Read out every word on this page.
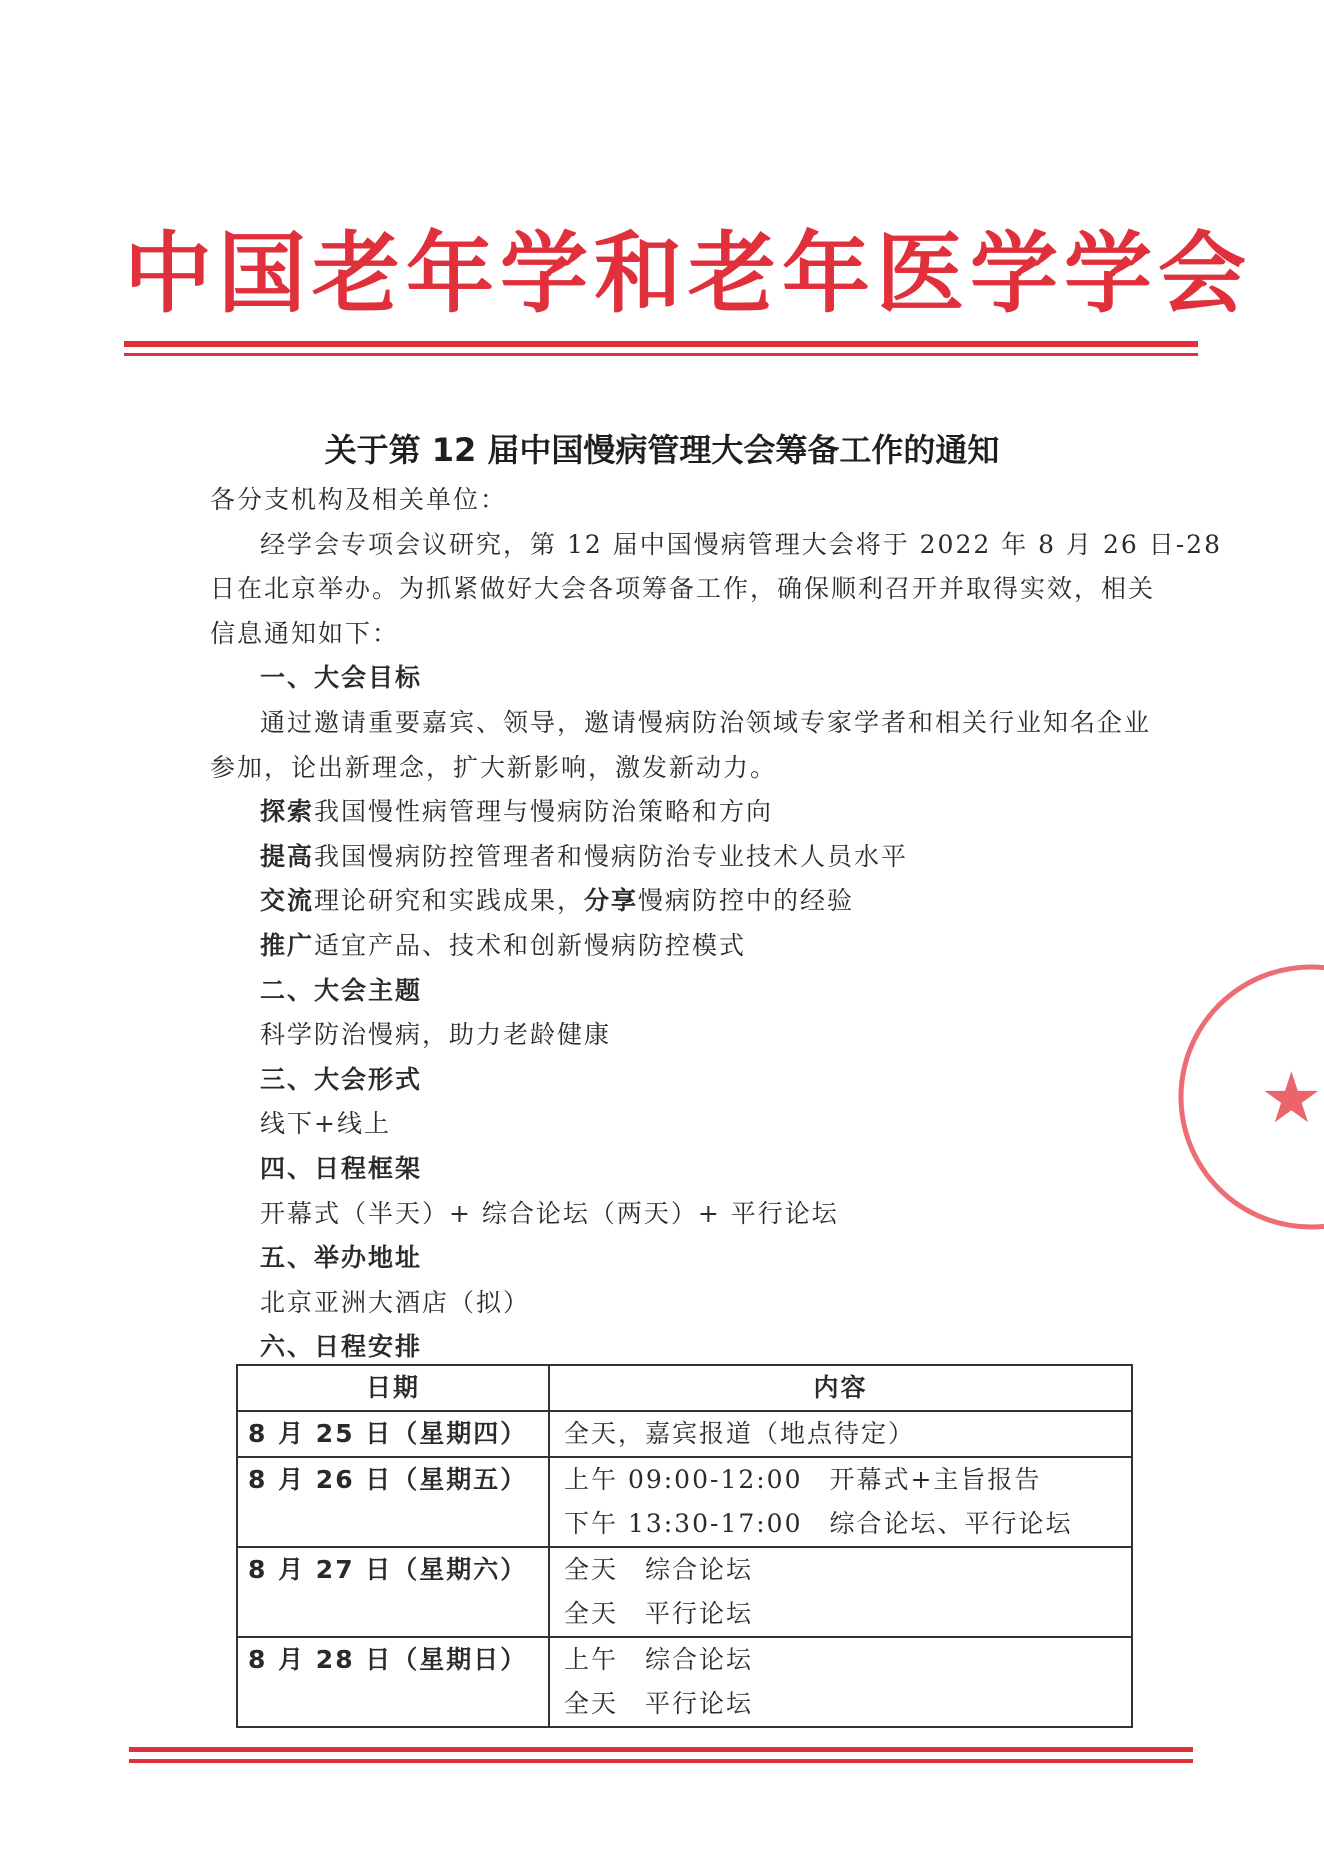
中国老年学和老年医学学会
关于第 12 届中国慢病管理大会筹备工作的通知
各分支机构及相关单位：
经学会专项会议研究，第 12 届中国慢病管理大会将于 2022 年 8 月 26 日-28
日在北京举办。为抓紧做好大会各项筹备工作，确保顺利召开并取得实效，相关
信息通知如下：
一、大会目标
通过邀请重要嘉宾、领导，邀请慢病防治领域专家学者和相关行业知名企业
参加，论出新理念，扩大新影响，激发新动力。
探索我国慢性病管理与慢病防治策略和方向
提高我国慢病防控管理者和慢病防治专业技术人员水平
交流理论研究和实践成果，分享慢病防控中的经验
推广适宜产品、技术和创新慢病防控模式
二、大会主题
科学防治慢病，助力老龄健康
三、大会形式
线下+线上
四、日程框架
开幕式（半天）+ 综合论坛（两天）+ 平行论坛
五、举办地址
北京亚洲大酒店（拟）
六、日程安排
日期	内容
8 月 25 日（星期四）	全天，嘉宾报道（地点待定）

8 月 26 日（星期五）	上午 09:00-12:00　开幕式+主旨报告
下午 13:30-17:00　综合论坛、平行论坛

8 月 27 日（星期六）	全天　综合论坛
全天　平行论坛

8 月 28 日（星期日）	上午　综合论坛
全天　平行论坛
★
